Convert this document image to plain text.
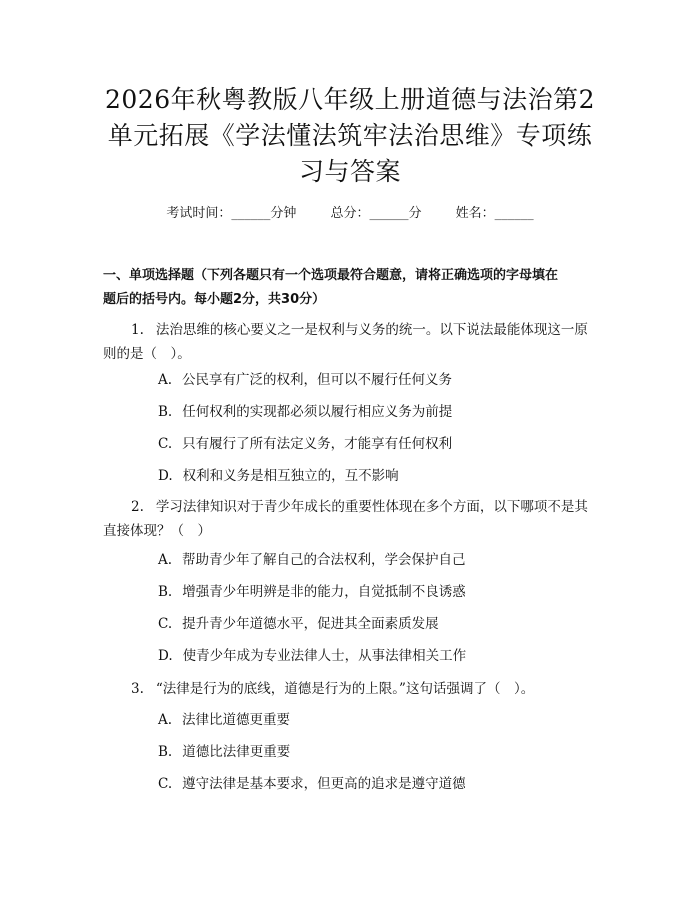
2026年秋粤教版八年级上册道德与法治第2
单元拓展《学法懂法筑牢法治思维》专项练
习与答案
考试时间：______分钟	总分：______分	姓名：______
一、单项选择题（下列各题只有一个选项最符合题意，请将正确选项的字母填在
题后的括号内。每小题2分，共30分）
1. 法治思维的核心要义之一是权利与义务的统一。以下说法最能体现这一原则的是（　）。
A. 公民享有广泛的权利，但可以不履行任何义务
B. 任何权利的实现都必须以履行相应义务为前提
C. 只有履行了所有法定义务，才能享有任何权利
D. 权利和义务是相互独立的，互不影响
2. 学习法律知识对于青少年成长的重要性体现在多个方面，以下哪项不是其直接体现？（　）
A. 帮助青少年了解自己的合法权利，学会保护自己
B. 增强青少年明辨是非的能力，自觉抵制不良诱惑
C. 提升青少年道德水平，促进其全面素质发展
D. 使青少年成为专业法律人士，从事法律相关工作
3. “法律是行为的底线，道德是行为的上限。”这句话强调了（　）。
A. 法律比道德更重要
B. 道德比法律更重要
C. 遵守法律是基本要求，但更高的追求是遵守道德
